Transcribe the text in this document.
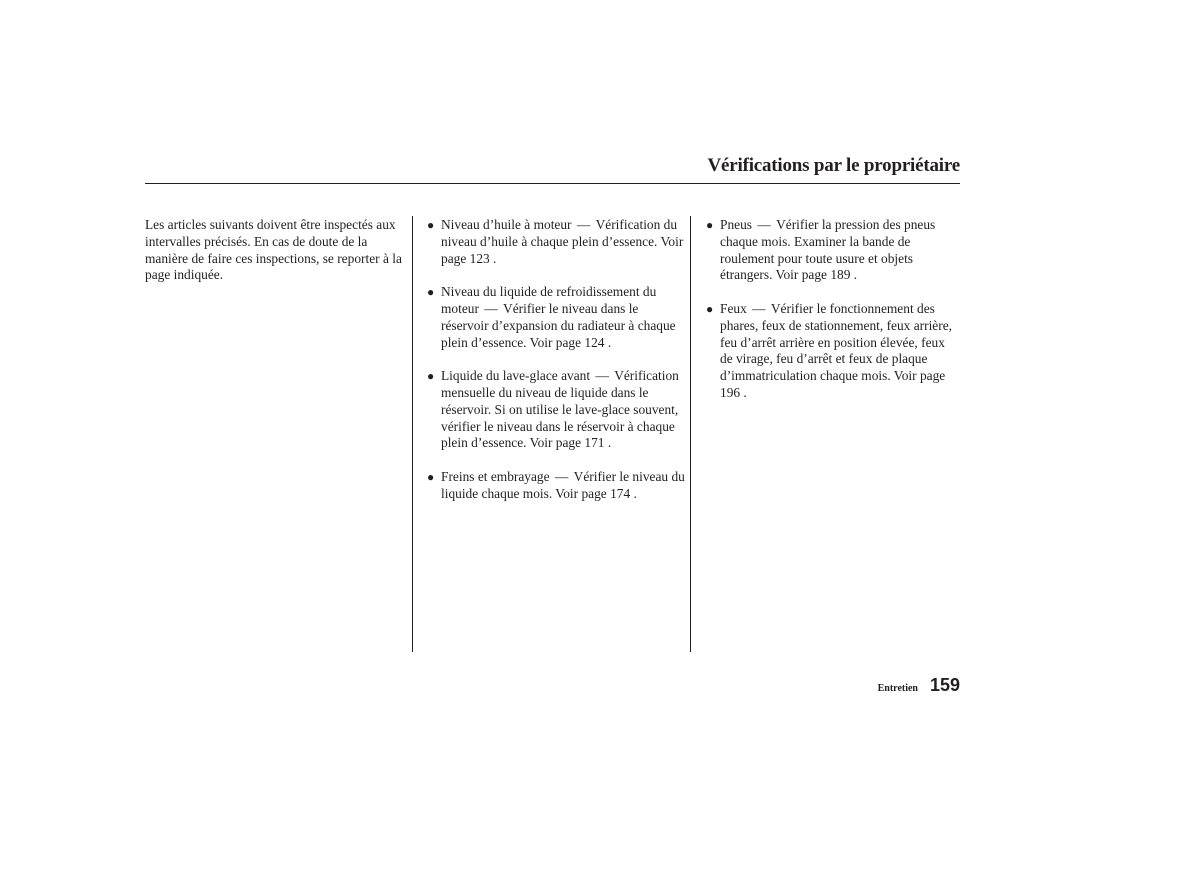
Vérifications par le propriétaire

Les articles suivants doivent être inspectés aux intervalles précisés. En cas de doute de la manière de faire ces inspections, se reporter à la page indiquée.

● Niveau d’huile à moteur — Vérification du niveau d’huile à chaque plein d’essence. Voir page 123 .
● Niveau du liquide de refroidissement du moteur — Vérifier le niveau dans le réservoir d’expansion du radiateur à chaque plein d’essence. Voir page 124 .
● Liquide du lave-glace avant — Vérification mensuelle du niveau de liquide dans le réservoir. Si on utilise le lave-glace souvent, vérifier le niveau dans le réservoir à chaque plein d’essence. Voir page 171 .
● Freins et embrayage — Vérifier le niveau du liquide chaque mois. Voir page 174 .
● Pneus — Vérifier la pression des pneus chaque mois. Examiner la bande de roulement pour toute usure et objets étrangers. Voir page 189 .
● Feux — Vérifier le fonctionnement des phares, feux de stationnement, feux arrière, feu d’arrêt arrière en position élevée, feux de virage, feu d’arrêt et feux de plaque d’immatriculation chaque mois. Voir page 196 .
Entretien 159
